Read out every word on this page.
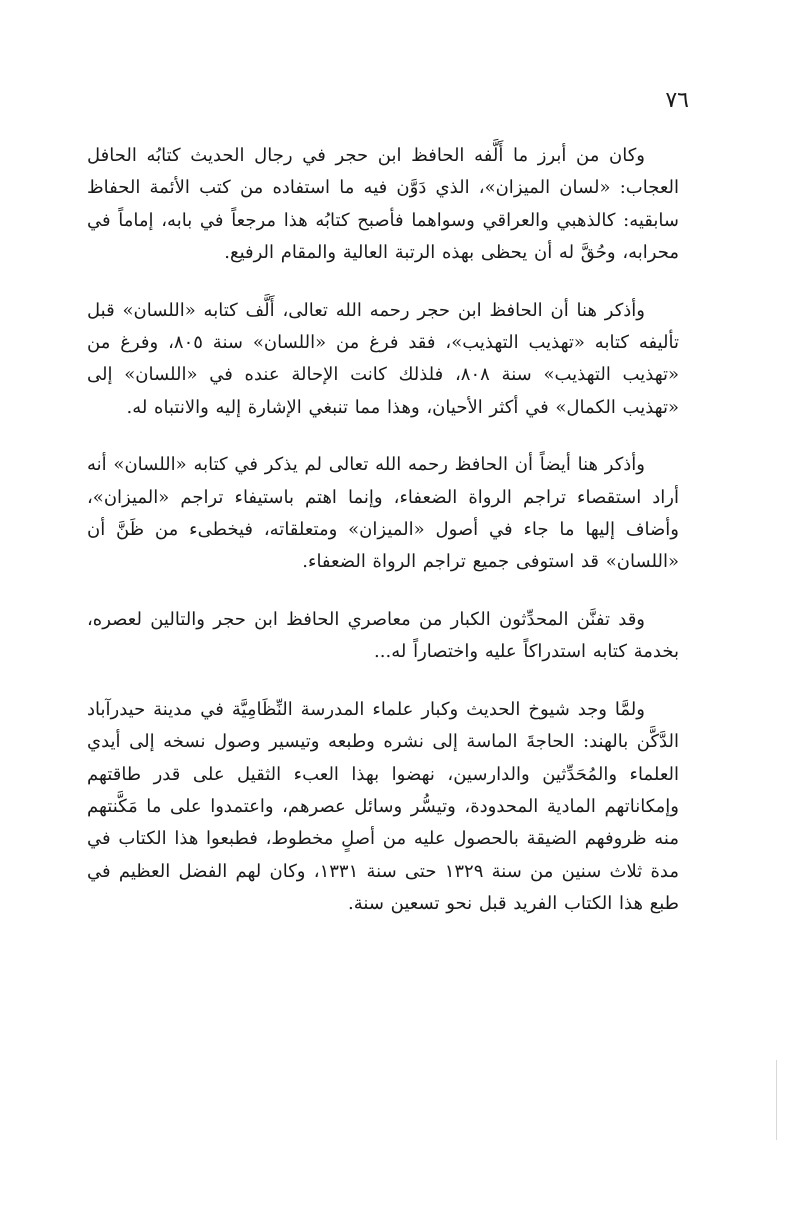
٧٦

وكان من أبرز ما أَلَّفه الحافظ ابن حجر في رجال الحديث كتابُه الحافل العجاب: «لسان الميزان»، الذي دَوَّن فيه ما استفاده من كتب الأئمة الحفاظ سابقيه: كالذهبي والعراقي وسواهما فأصبح كتابُه هذا مرجعاً في بابه، إماماً في محرابه، وحُقَّ له أن يحظى بهذه الرتبة العالية والمقام الرفيع.

وأذكر هنا أن الحافظ ابن حجر رحمه الله تعالى، أَلَّف كتابه «اللسان» قبل تأليفه كتابه «تهذيب التهذيب»، فقد فرغ من «اللسان» سنة ٨٠٥، وفرغ من «تهذيب التهذيب» سنة ٨٠٨، فلذلك كانت الإحالة عنده في «اللسان» إلى «تهذيب الكمال» في أكثر الأحيان، وهذا مما تنبغي الإشارة إليه والانتباه له.

وأذكر هنا أيضاً أن الحافظ رحمه الله تعالى لم يذكر في كتابه «اللسان» أنه أراد استقصاء تراجم الرواة الضعفاء، وإنما اهتم باستيفاء تراجم «الميزان»، وأضاف إليها ما جاء في أصول «الميزان» ومتعلقاته، فيخطىء من ظَنَّ أن «اللسان» قد استوفى جميع تراجم الرواة الضعفاء.

وقد تفنَّن المحدِّثون الكبار من معاصري الحافظ ابن حجر والتالين لعصره، بخدمة كتابه استدراكاً عليه واختصاراً له...

ولمَّا وجد شيوخ الحديث وكبار علماء المدرسة النِّظَامِيَّة في مدينة حيدرآباد الدَّكَّن بالهند: الحاجةَ الماسة إلى نشره وطبعه وتيسير وصول نسخه إلى أيدي العلماء والمُحَدِّثين والدارسين، نهضوا بهذا العبء الثقيل على قدر طاقتهم وإمكاناتهم المادية المحدودة، وتيسُّر وسائل عصرهم، واعتمدوا على ما مَكَّنتهم منه ظروفهم الضيقة بالحصول عليه من أصلٍ مخطوط، فطبعوا هذا الكتاب في مدة ثلاث سنين من سنة ١٣٢٩ حتى سنة ١٣٣١، وكان لهم الفضل العظيم في طبع هذا الكتاب الفريد قبل نحو تسعين سنة.
